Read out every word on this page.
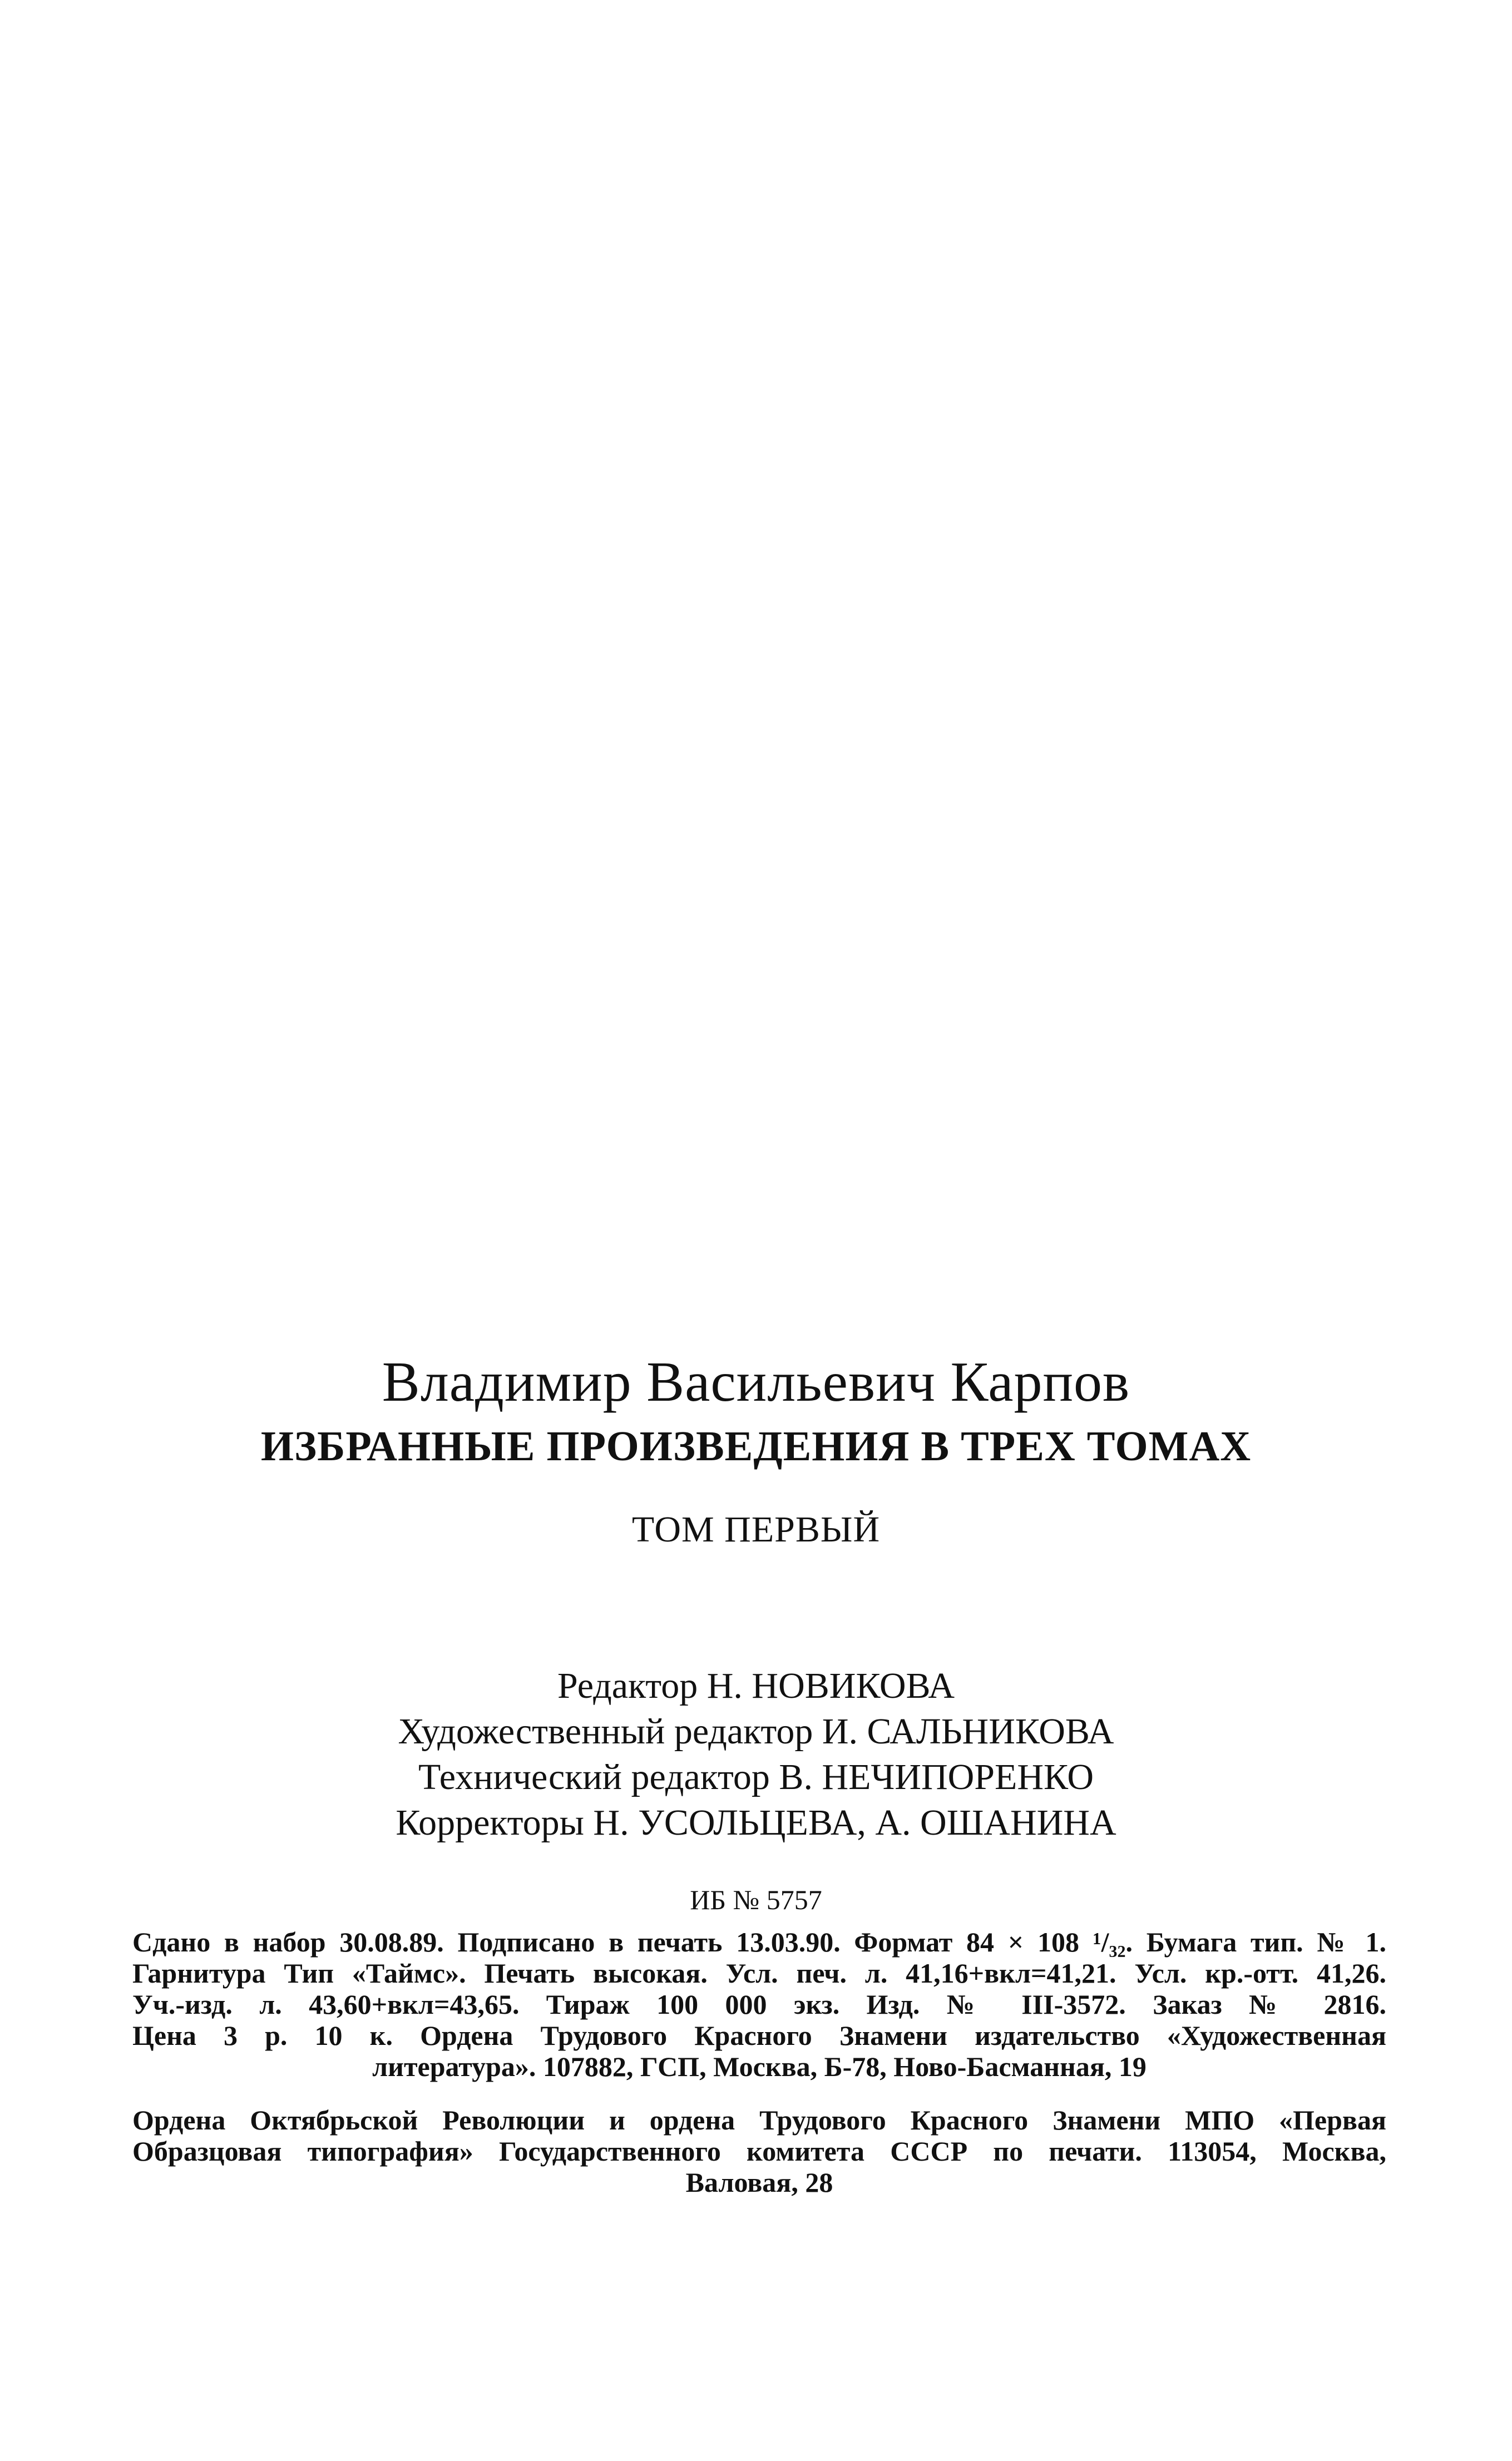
Владимир Васильевич Карпов
ИЗБРАННЫЕ ПРОИЗВЕДЕНИЯ В ТРЕХ ТОМАХ
ТОМ ПЕРВЫЙ
Редактор Н. НОВИКОВА
Художественный редактор И. САЛЬНИКОВА
Технический редактор В. НЕЧИПОРЕНКО
Корректоры Н. УСОЛЬЦЕВА, А. ОШАНИНА
ИБ № 5757
Сдано в набор 30.08.89. Подписано в печать 13.03.90. Формат 84 × 108 ¹/₃₂. Бумага тип. № 1.
Гарнитура Тип «Таймс». Печать высокая. Усл. печ. л. 41,16+вкл=41,21. Усл. кр.-отт. 41,26.
Уч.-изд. л. 43,60+вкл=43,65. Тираж 100 000 экз. Изд. № III-3572. Заказ № 2816.
Цена 3 р. 10 к. Ордена Трудового Красного Знамени издательство «Художественная
литература». 107882, ГСП, Москва, Б-78, Ново-Басманная, 19
Ордена Октябрьской Революции и ордена Трудового Красного Знамени МПО «Первая
Образцовая типография» Государственного комитета СССР по печати. 113054, Москва,
Валовая, 28
